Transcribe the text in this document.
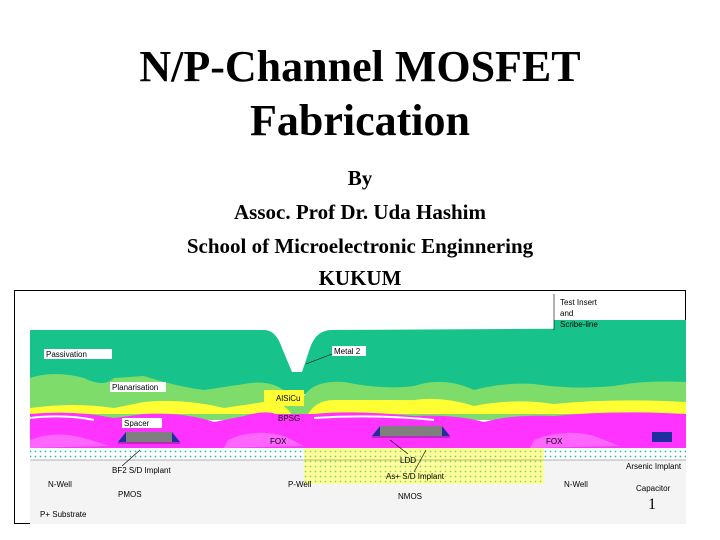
N/P-Channel MOSFET
Fabrication
By
Assoc. Prof Dr. Uda Hashim
School of Microelectronic Enginnering
KUKUM
Test Insert
and
Scribe-line
Passivation	Metal 2
Planarisation
AlSiCu
BPSG
Spacer
FOX	FOX
LDD
Arsenic Implant
BF2 S/D Implant
N-Well	P-Well
As+ S/D Implant
N-Well	Capacitor
PMOS	NMOS
P+ Substrate
1
